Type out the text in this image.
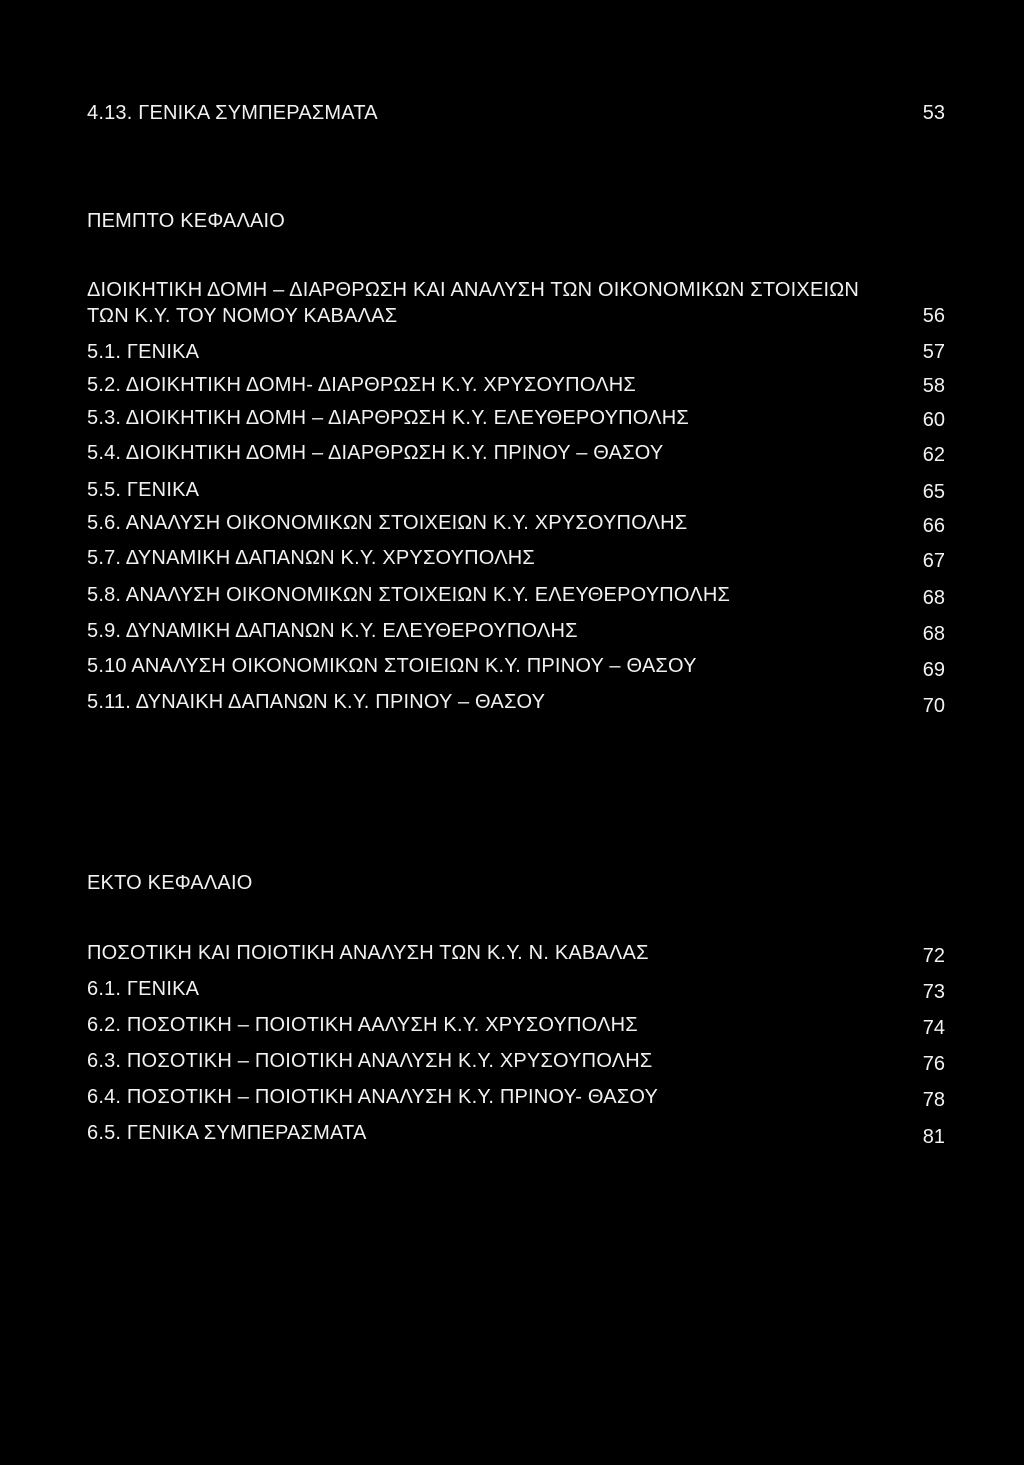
4.13. ΓΕΝΙΚΑ ΣΥΜΠΕΡΑΣΜΑΤΑ	53
ΠΕΜΠΤΟ ΚΕΦΑΛΑΙΟ
ΔΙΟΙΚΗΤΙΚΗ ΔΟΜΗ – ΔΙΑΡΘΡΩΣΗ ΚΑΙ ΑΝΑΛΥΣΗ ΤΩΝ ΟΙΚΟΝΟΜΙΚΩΝ ΣΤΟΙΧΕΙΩΝ
ΤΩΝ Κ.Υ. ΤΟΥ ΝΟΜΟΥ ΚΑΒΑΛΑΣ	56
5.1. ΓΕΝΙΚΑ	57
5.2. ΔΙΟΙΚΗΤΙΚΗ ΔΟΜΗ- ΔΙΑΡΘΡΩΣΗ Κ.Υ. ΧΡΥΣΟΥΠΟΛΗΣ	58
5.3. ΔΙΟΙΚΗΤΙΚΗ ΔΟΜΗ – ΔΙΑΡΘΡΩΣΗ Κ.Υ. ΕΛΕΥΘΕΡΟΥΠΟΛΗΣ	60
5.4. ΔΙΟΙΚΗΤΙΚΗ ΔΟΜΗ – ΔΙΑΡΘΡΩΣΗ Κ.Υ. ΠΡΙΝΟΥ – ΘΑΣΟΥ	62
5.5. ΓΕΝΙΚΑ	65
5.6. ΑΝΑΛΥΣΗ ΟΙΚΟΝΟΜΙΚΩΝ ΣΤΟΙΧΕΙΩΝ Κ.Υ. ΧΡΥΣΟΥΠΟΛΗΣ	66
5.7. ΔΥΝΑΜΙΚΗ ΔΑΠΑΝΩΝ Κ.Υ. ΧΡΥΣΟΥΠΟΛΗΣ	67
5.8. ΑΝΑΛΥΣΗ ΟΙΚΟΝΟΜΙΚΩΝ ΣΤΟΙΧΕΙΩΝ Κ.Υ. ΕΛΕΥΘΕΡΟΥΠΟΛΗΣ	68
5.9. ΔΥΝΑΜΙΚΗ ΔΑΠΑΝΩΝ Κ.Υ. ΕΛΕΥΘΕΡΟΥΠΟΛΗΣ	68
5.10 ΑΝΑΛΥΣΗ ΟΙΚΟΝΟΜΙΚΩΝ ΣΤΟΙΕΙΩΝ Κ.Υ. ΠΡΙΝΟΥ – ΘΑΣΟΥ	69
5.11. ΔΥΝΑΙΚΗ ΔΑΠΑΝΩΝ Κ.Υ. ΠΡΙΝΟΥ – ΘΑΣΟΥ	70
ΕΚΤΟ ΚΕΦΑΛΑΙΟ
ΠΟΣΟΤΙΚΗ ΚΑΙ ΠΟΙΟΤΙΚΗ ΑΝΑΛΥΣΗ ΤΩΝ Κ.Υ. Ν. ΚΑΒΑΛΑΣ	72
6.1. ΓΕΝΙΚΑ	73
6.2. ΠΟΣΟΤΙΚΗ – ΠΟΙΟΤΙΚΗ ΑΑΛΥΣΗ Κ.Υ. ΧΡΥΣΟΥΠΟΛΗΣ	74
6.3. ΠΟΣΟΤΙΚΗ – ΠΟΙΟΤΙΚΗ ΑΝΑΛΥΣΗ Κ.Υ. ΧΡΥΣΟΥΠΟΛΗΣ	76
6.4. ΠΟΣΟΤΙΚΗ – ΠΟΙΟΤΙΚΗ ΑΝΑΛΥΣΗ Κ.Υ. ΠΡΙΝΟΥ- ΘΑΣΟΥ	78
6.5. ΓΕΝΙΚΑ ΣΥΜΠΕΡΑΣΜΑΤΑ	81
